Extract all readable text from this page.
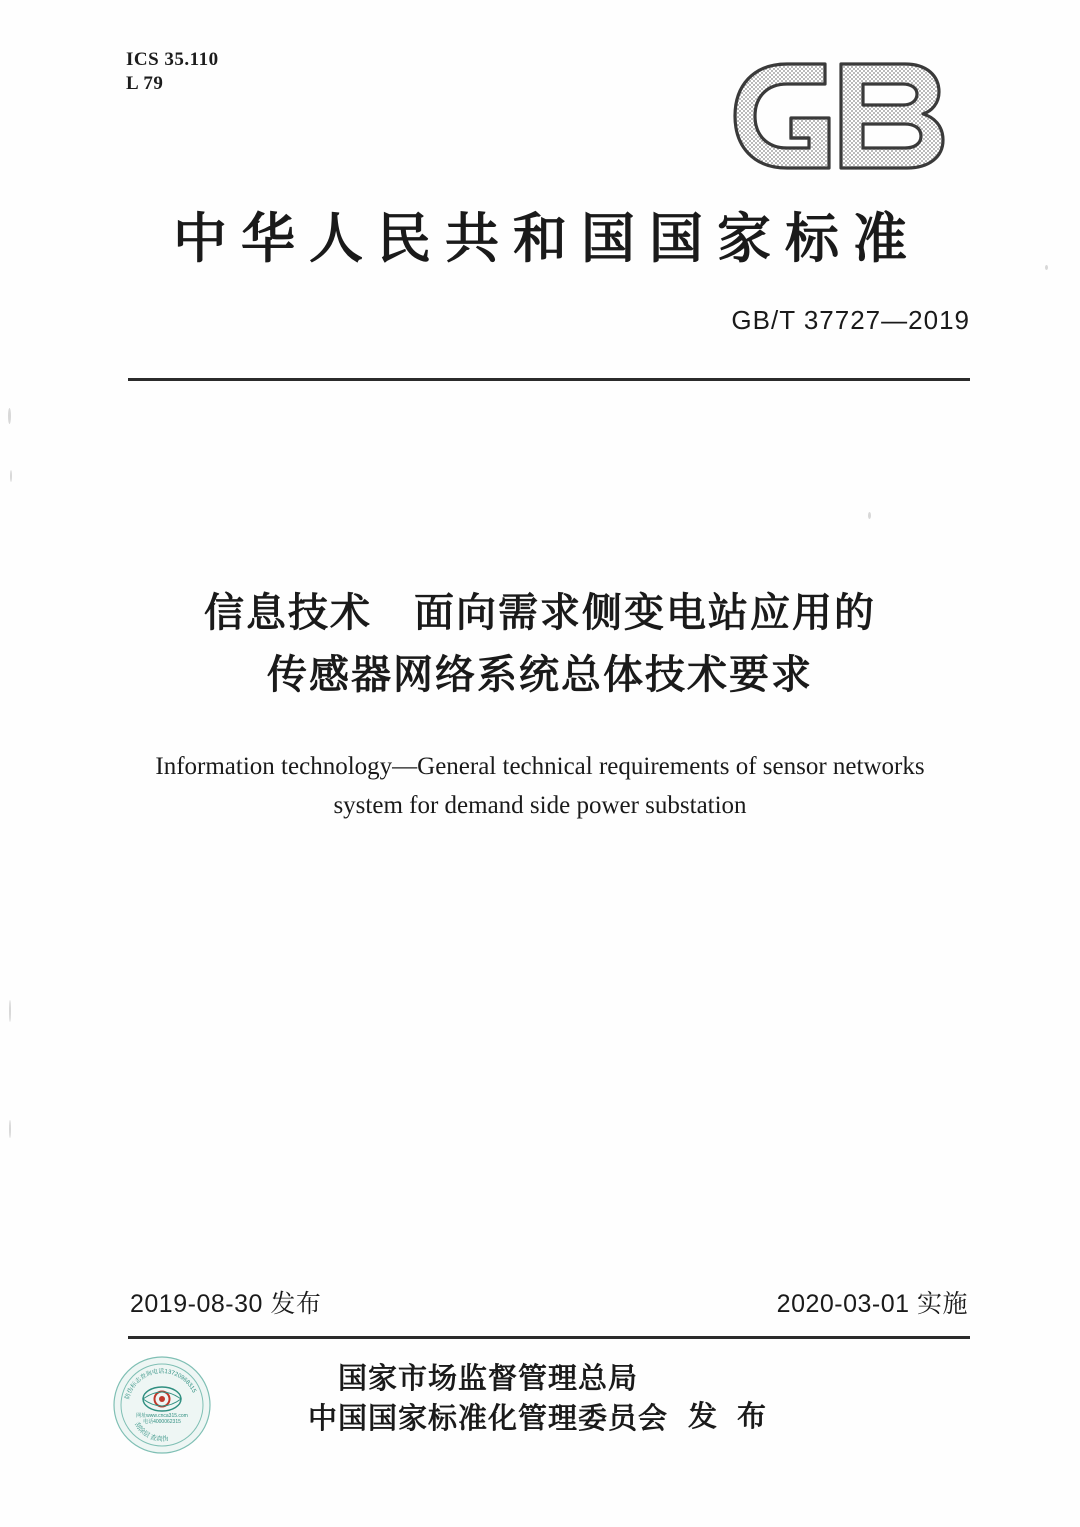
ICS 35.110
L 79
中华人民共和国国家标准
GB/T 37727—2019
信息技术　面向需求侧变电站应用的
传感器网络系统总体技术要求
Information technology—General technical requirements of sensor networks
system for demand side power substation
2019-08-30 发布	2020-03-01 实施
国家市场监督管理总局
中国国家标准化管理委员会 发 布
防伪标志查询电话13720968315
刮涂层 查真伪
网址www.cnca315.com
电话4000062315
